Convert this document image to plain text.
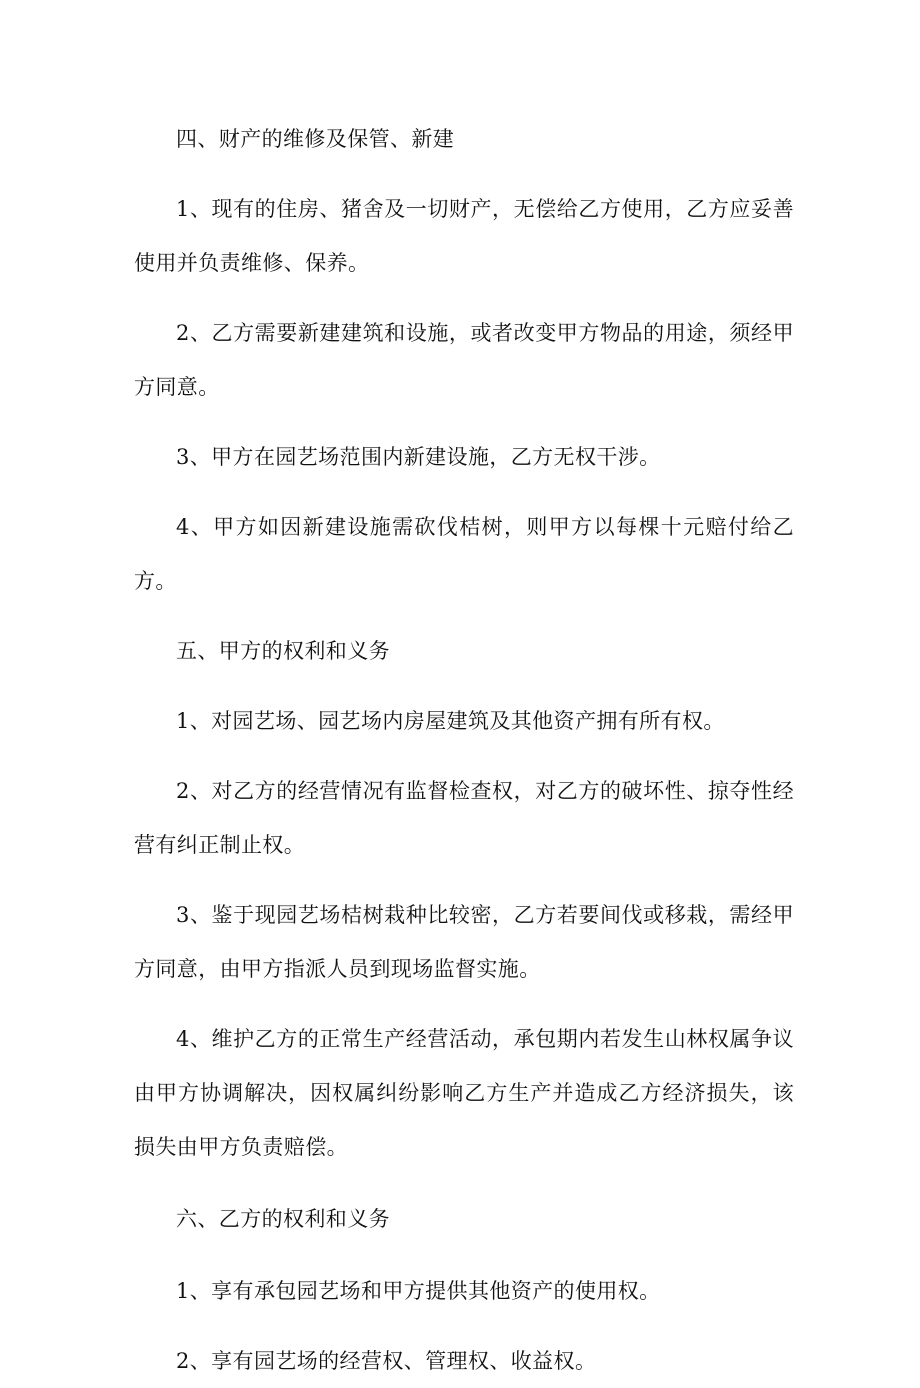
四、财产的维修及保管、新建

1、现有的住房、猪舍及一切财产，无偿给乙方使用，乙方应妥善使用并负责维修、保养。

2、乙方需要新建建筑和设施，或者改变甲方物品的用途，须经甲方同意。

3、甲方在园艺场范围内新建设施，乙方无权干涉。

4、甲方如因新建设施需砍伐桔树，则甲方以每棵十元赔付给乙方。

五、甲方的权利和义务

1、对园艺场、园艺场内房屋建筑及其他资产拥有所有权。

2、对乙方的经营情况有监督检查权，对乙方的破坏性、掠夺性经营有纠正制止权。

3、鉴于现园艺场桔树栽种比较密，乙方若要间伐或移栽，需经甲方同意，由甲方指派人员到现场监督实施。

4、维护乙方的正常生产经营活动，承包期内若发生山林权属争议由甲方协调解决，因权属纠纷影响乙方生产并造成乙方经济损失，该损失由甲方负责赔偿。

六、乙方的权利和义务

1、享有承包园艺场和甲方提供其他资产的使用权。

2、享有园艺场的经营权、管理权、收益权。
